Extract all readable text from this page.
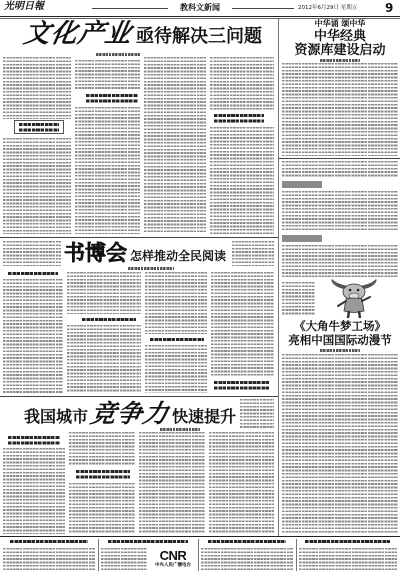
光明日報	教科文新闻	2012年6月29日 星期五 9
文化产业亟待解决三问题
中华诵 颂中华
中华经典
资源库建设启动
《大角牛梦工场》
亮相中国国际动漫节
书博会 怎样推动全民阅读
我国城市竞争力快速提升
CNR
中央人民广播电台
